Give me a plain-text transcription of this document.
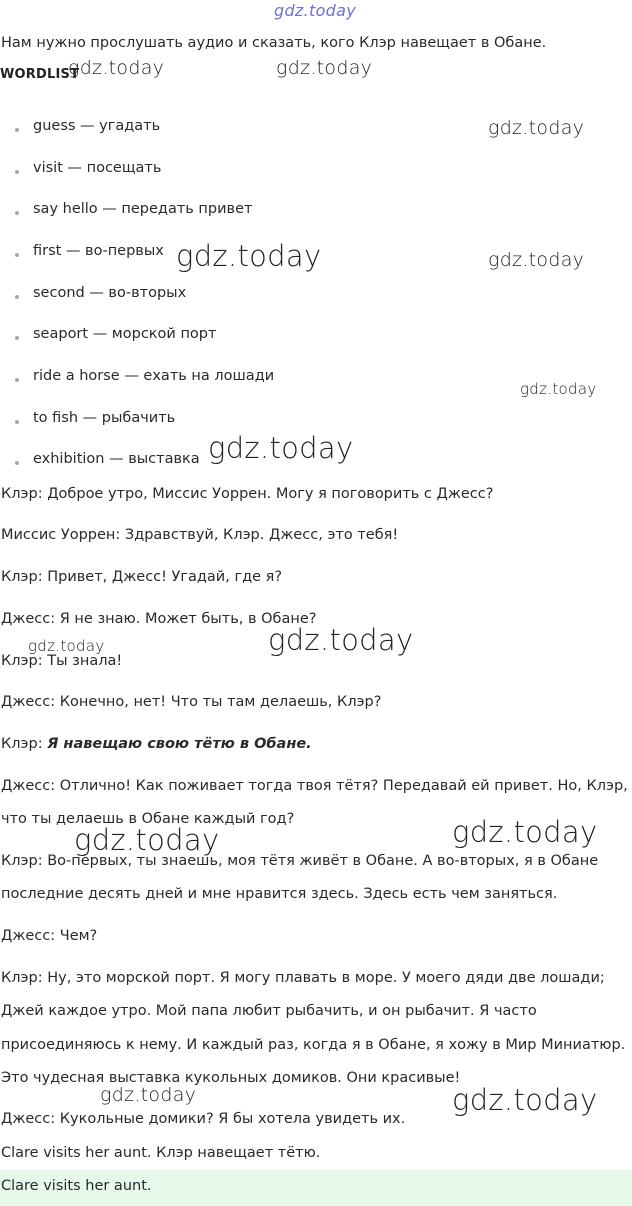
gdz.today
gdz.today	gdz.today
gdz.today
gdz.today	gdz.today
gdz.today
gdz.today
gdz.today	gdz.today
gdz.today	gdz.today
gdz.today	gdz.today
Нам нужно прослушать аудио и сказать, кого Клэр навещает в Обане.
WORDLIST
guess — угадать
visit — посещать
say hello — передать привет
first — во-первых
second — во-вторых
seaport — морской порт
ride a horse — ехать на лошади
to fish — рыбачить
exhibition — выставка
Клэр: Доброе утро, Миссис Уоррен. Могу я поговорить с Джесс?
Миссис Уоррен: Здравствуй, Клэр. Джесс, это тебя!
Клэр: Привет, Джесс! Угадай, где я?
Джесс: Я не знаю. Может быть, в Обане?
Клэр: Ты знала!
Джесс: Конечно, нет! Что ты там делаешь, Клэр?
Клэр: Я навещаю свою тётю в Обане.
Джесс: Отлично! Как поживает тогда твоя тётя? Передавай ей привет. Но, Клэр,
что ты делаешь в Обане каждый год?
Клэр: Во-первых, ты знаешь, моя тётя живёт в Обане. А во-вторых, я в Обане
последние десять дней и мне нравится здесь. Здесь есть чем заняться.
Джесс: Чем?
Клэр: Ну, это морской порт. Я могу плавать в море. У моего дяди две лошади;
Джей каждое утро. Мой папа любит рыбачить, и он рыбачит. Я часто
присоединяюсь к нему. И каждый раз, когда я в Обане, я хожу в Мир Миниатюр.
Это чудесная выставка кукольных домиков. Они красивые!
Джесс: Кукольные домики? Я бы хотела увидеть их.
Clare visits her aunt. Клэр навещает тётю.
Clare visits her aunt.
